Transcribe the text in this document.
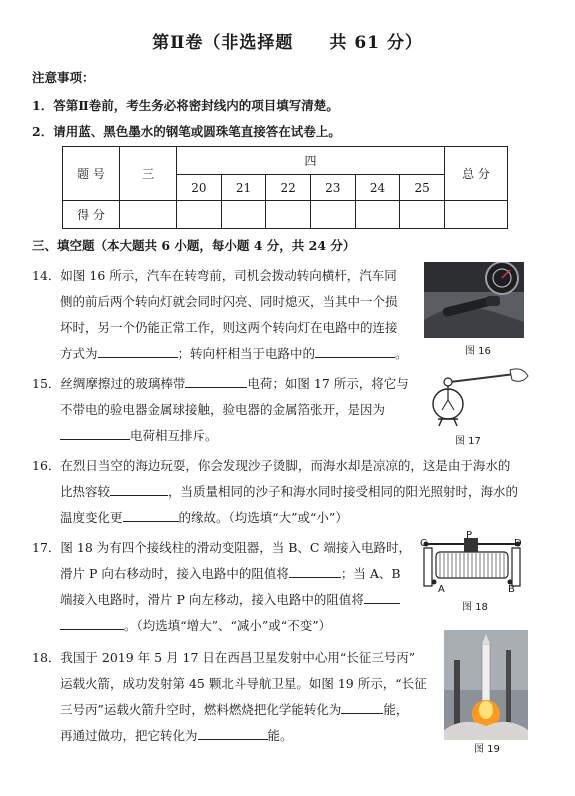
第Ⅱ卷（非选择题　　共 61 分）
注意事项：
1．答第Ⅱ卷前，考生务必将密封线内的项目填写清楚。
2．请用蓝、黑色墨水的钢笔或圆珠笔直接答在试卷上。
题 号	三	四						总 分
		20	21	22	23	24	25	
得 分								
三、填空题（本大题共 6 小题，每小题 4 分，共 24 分）
14．如图 16 所示，汽车在转弯前，司机会拨动转向横杆，汽车同
侧的前后两个转向灯就会同时闪亮、同时熄灭，当其中一个损
坏时，另一个仍能正常工作，则这两个转向灯在电路中的连接
方式为	；转向杆相当于电路中的	。	图 16
15．丝绸摩擦过的玻璃棒带	电荷；如图 17 所示，将它与
不带电的验电器金属球接触，验电器的金属箔张开，是因为
电荷相互排斥。	图 17
16．在烈日当空的海边玩耍，你会发现沙子烫脚，而海水却是凉凉的，这是由于海水的
比热容较	，当质量相同的沙子和海水同时接受相同的阳光照射时，海水的
温度变化更	的缘故。（均选填“大”或“小”）
17．图 18 为有四个接线柱的滑动变阻器，当 B、C 端接入电路时，
滑片 P 向右移动时，接入电路中的阻值将	；当 A、B
端接入电路时，滑片 P 向左移动，接入电路中的阻值将
。（均选填“增大”、“减小”或“不变”）
C
P
D
A	B
图 18
18．我国于 2019 年 5 月 17 日在西昌卫星发射中心用“长征三号丙”
运载火箭，成功发射第 45 颗北斗导航卫星。如图 19 所示，“长征
三号丙”运载火箭升空时，燃料燃烧把化学能转化为	能，
再通过做功，把它转化为	能。
图 19
